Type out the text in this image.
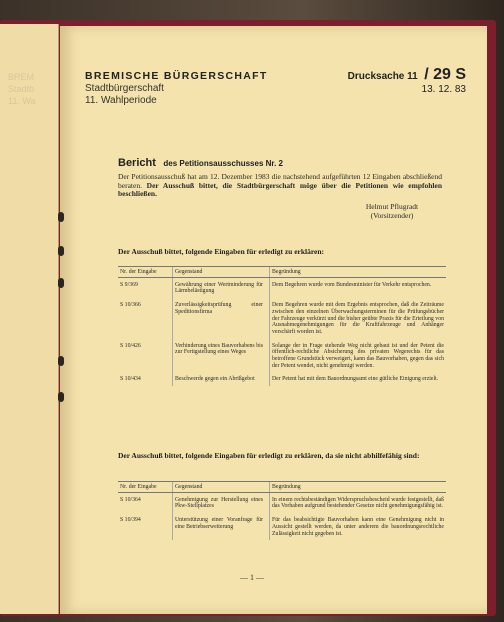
BREM
Stadtb
11. Wa
BREMISCHE BÜRGERSCHAFT
Stadtbürgerschaft
11. Wahlperiode
Drucksache 11 / 29 S
13. 12. 83
Bericht des Petitionsausschusses Nr. 2
Der Petitionsausschuß hat am 12. Dezember 1983 die nachstehend aufgeführten 12 Eingaben abschließend beraten. Der Ausschuß bittet, die Stadtbürgerschaft möge über die Petitionen wie empfohlen beschließen.
Helmut Pflugradt
(Vorsitzender)
Der Ausschuß bittet, folgende Eingaben für erledigt zu erklären:
Nr. der Eingabe	Gegenstand	Begründung
S 9/369	Gewährung einer Wertminderung für Lärmbelästigung	Dem Begehren wurde vom Bundesminister für Verkehr entsprochen.
S 10/366	Zuverlässigkeitsprüfung einer Speditionsfirma	Dem Begehren wurde mit dem Ergebnis entsprochen, daß die Zeiträume zwischen den einzelnen Überwachungsterminen für die Prüfungsbücher der Fahrzeuge verkürzt und die bisher geübte Praxis für die Erteilung von Ausnahmegenehmigungen für die Kraftfahrzeuge und Anhänger verschärft worden ist.
S 10/426	Verhinderung eines Bauvorhabens bis zur Fertigstellung eines Weges	Solange der in Frage stehende Weg nicht gebaut ist und der Petent die öffentlich-rechtliche Absicherung des privaten Wegerechts für das betroffene Grundstück verweigert, kann das Bauvorhaben, gegen das sich der Petent wendet, nicht genehmigt werden.
S 10/434	Beschwerde gegen ein Abrißgebot	Der Petent hat mit dem Bauordnungsamt eine gütliche Einigung erzielt.
Der Ausschuß bittet, folgende Eingaben für erledigt zu erklären, da sie nicht abhilfefähig sind:
Nr. der Eingabe	Gegenstand	Begründung
S 10/364	Genehmigung zur Herstellung eines Pkw-Stellplatzes	In einem rechtsbeständigen Widerspruchsbescheid wurde festgestellt, daß das Vorhaben aufgrund bestehender Gesetze nicht genehmigungsfähig ist.
S 10/394	Unterstützung einer Voranfrage für eine Betriebserweiterung	Für das beabsichtigte Bauvorhaben kann eine Genehmigung nicht in Aussicht gestellt werden, da unter anderem die bauordnungsrechtliche Zulässigkeit nicht gegeben ist.
— 1 —
